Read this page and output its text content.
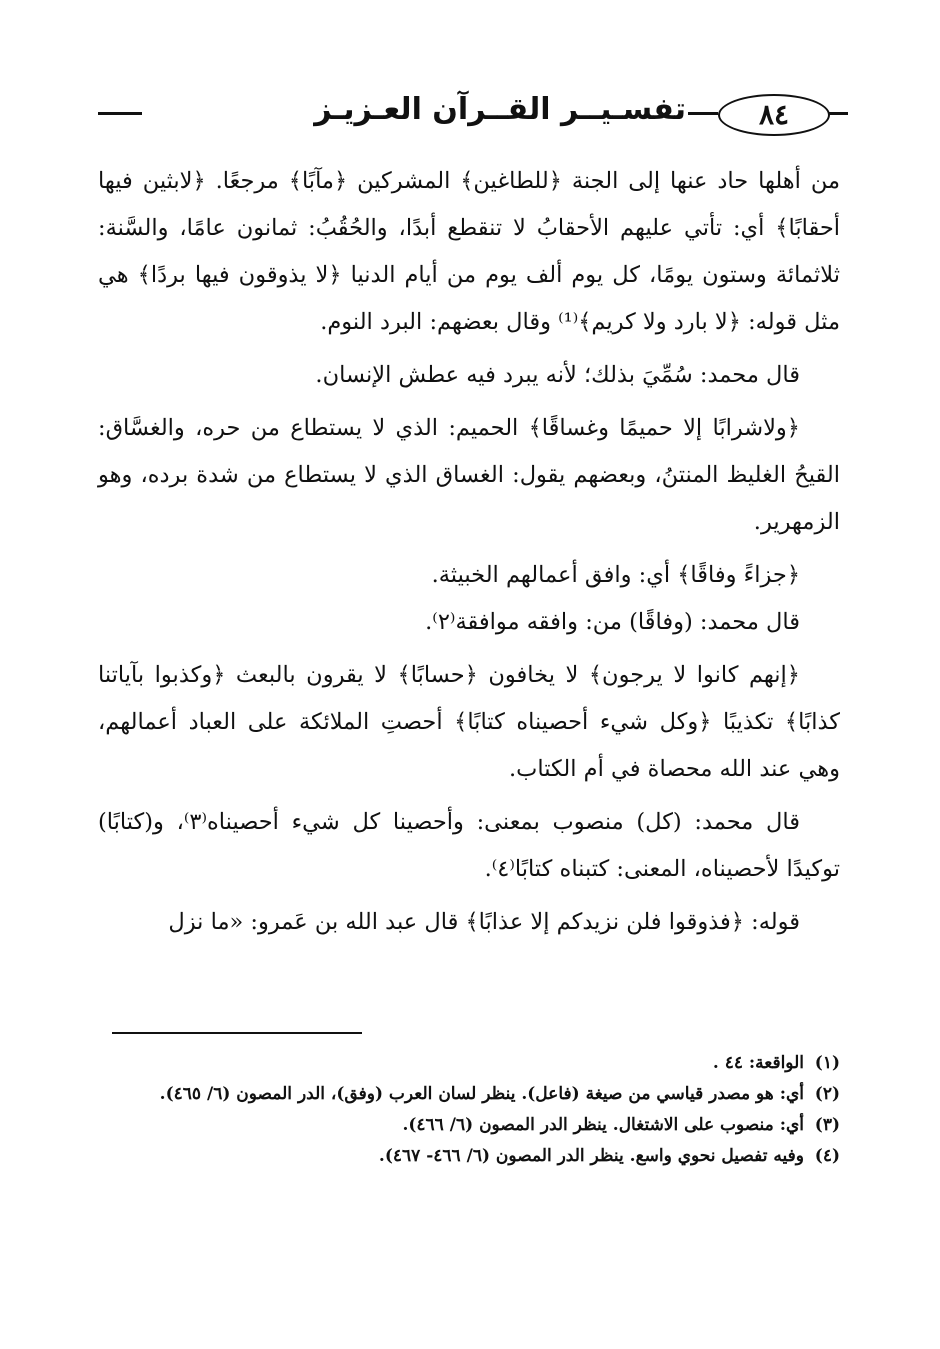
٨٤
تفسـيــر القــرآن العـزيـز

من أهلها حاد عنها إلى الجنة ﴿للطاغين﴾ المشركين ﴿مآبًا﴾ مرجعًا. ﴿لابثين فيها أحقابًا﴾ أي: تأتي عليهم الأحقابُ لا تنقطع أبدًا، والحُقُبُ: ثمانون عامًا، والسَّنة: ثلاثمائة وستون يومًا، كل يوم ألف يوم من أيام الدنيا ﴿لا يذوقون فيها بردًا﴾ هي مثل قوله: ﴿لا بارد ولا كريم﴾⁽¹⁾ وقال بعضهم: البرد النوم.

قال محمد: سُمِّيَ بذلك؛ لأنه يبرد فيه عطش الإنسان.

﴿ولاشرابًا إلا حميمًا وغساقًا﴾ الحميم: الذي لا يستطاع من حره، والغسَّاق: القيحُ الغليظ المنتنُ، وبعضهم يقول: الغساق الذي لا يستطاع من شدة برده، وهو الزمهرير.

﴿جزاءً وفاقًا﴾ أي: وافق أعمالهم الخبيثة.

قال محمد: (وفاقًا) من: وافقه موافقة⁽٢⁾.

﴿إنهم كانوا لا يرجون﴾ لا يخافون ﴿حسابًا﴾ لا يقرون بالبعث ﴿وكذبوا بآياتنا كذابًا﴾ تكذيبًا ﴿وكل شيء أحصيناه كتابًا﴾ أحصتِ الملائكة على العباد أعمالهم، وهي عند الله محصاة في أم الكتاب.

قال محمد: (كل) منصوب بمعنى: وأحصينا كل شيء أحصيناه⁽٣⁾، و(كتابًا) توكيدًا لأحصيناه، المعنى: كتبناه كتابًا⁽٤⁾.

قوله: ﴿فذوقوا فلن نزيدكم إلا عذابًا﴾ قال عبد الله بن عَمرو: «ما نزل

(١)
الواقعة: ٤٤ .
(٢)
أي: هو مصدر قياسي من صيغة (فاعل). ينظر لسان العرب (وفق)، الدر المصون (٦/ ٤٦٥).
(٣)
أي: منصوب على الاشتغال. ينظر الدر المصون (٦/ ٤٦٦).
(٤)
وفيه تفصيل نحوي واسع. ينظر الدر المصون (٦/ ٤٦٦- ٤٦٧).
